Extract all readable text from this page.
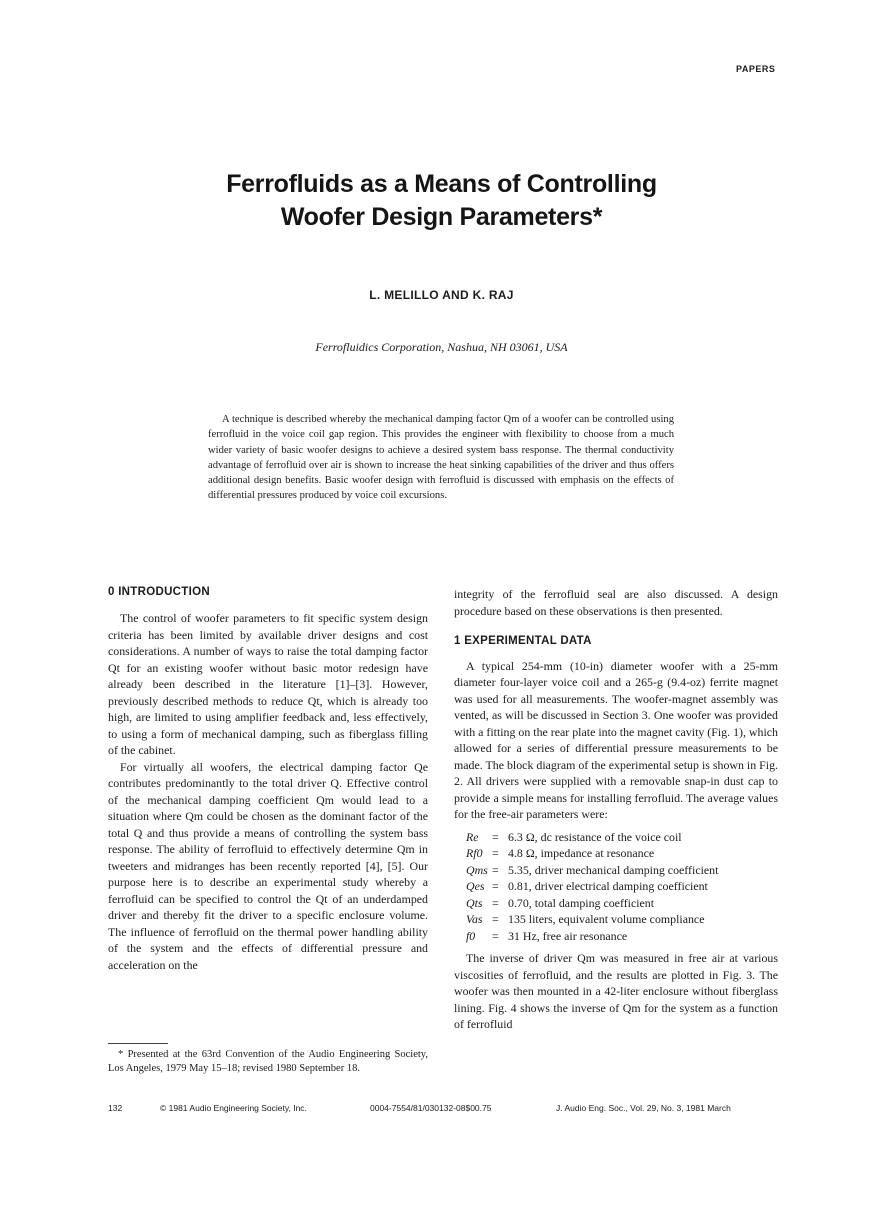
PAPERS
Ferrofluids as a Means of Controlling
Woofer Design Parameters*
L. MELILLO AND K. RAJ
Ferrofluidics Corporation, Nashua, NH 03061, USA

A technique is described whereby the mechanical damping factor Qm of a woofer can be controlled using ferrofluid in the voice coil gap region. This provides the engineer with flexibility to choose from a much wider variety of basic woofer designs to achieve a desired system bass response. The thermal conductivity advantage of ferrofluid over air is shown to increase the heat sinking capabilities of the driver and thus offers additional design benefits. Basic woofer design with ferrofluid is discussed with emphasis on the effects of differential pressures produced by voice coil excursions.

0 INTRODUCTION

The control of woofer parameters to fit specific system design criteria has been limited by available driver designs and cost considerations. A number of ways to raise the total damping factor Qt for an existing woofer without basic motor redesign have already been described in the literature [1]–[3]. However, previously described methods to reduce Qt, which is already too high, are limited to using amplifier feedback and, less effectively, to using a form of mechanical damping, such as fiberglass filling of the cabinet.

For virtually all woofers, the electrical damping factor Qe contributes predominantly to the total driver Q. Effective control of the mechanical damping coefficient Qm would lead to a situation where Qm could be chosen as the dominant factor of the total Q and thus provide a means of controlling the system bass response. The ability of ferrofluid to effectively determine Qm in tweeters and midranges has been recently reported [4], [5]. Our purpose here is to describe an experimental study whereby a ferrofluid can be specified to control the Qt of an underdamped driver and thereby fit the driver to a specific enclosure volume. The influence of ferrofluid on the thermal power handling ability of the system and the effects of differential pressure and acceleration on the

integrity of the ferrofluid seal are also discussed. A design procedure based on these observations is then presented.

1 EXPERIMENTAL DATA

A typical 254-mm (10-in) diameter woofer with a 25-mm diameter four-layer voice coil and a 265-g (9.4-oz) ferrite magnet was used for all measurements. The woofer-magnet assembly was vented, as will be discussed in Section 3. One woofer was provided with a fitting on the rear plate into the magnet cavity (Fig. 1), which allowed for a series of differential pressure measurements to be made. The block diagram of the experimental setup is shown in Fig. 2. All drivers were supplied with a removable snap-in dust cap to provide a simple means for installing ferrofluid. The average values for the free-air parameters were:

Re	= 6.3 Ω, dc resistance of the voice coil
Rf0 = 4.8 Ω, impedance at resonance
Qms = 5.35, driver mechanical damping coefficient
Qes = 0.81, driver electrical damping coefficient
Qts = 0.70, total damping coefficient
Vas = 135 liters, equivalent volume compliance
f0	= 31 Hz, free air resonance

The inverse of driver Qm was measured in free air at various viscosities of ferrofluid, and the results are plotted in Fig. 3. The woofer was then mounted in a 42-liter enclosure without fiberglass lining. Fig. 4 shows the inverse of Qm for the system as a function of ferrofluid

* Presented at the 63rd Convention of the Audio Engineering Society, Los Angeles, 1979 May 15–18; revised 1980 September 18.

132	© 1981 Audio Engineering Society, Inc.	0004-7554/81/030132-08$00.75	J. Audio Eng. Soc., Vol. 29, No. 3, 1981 March
